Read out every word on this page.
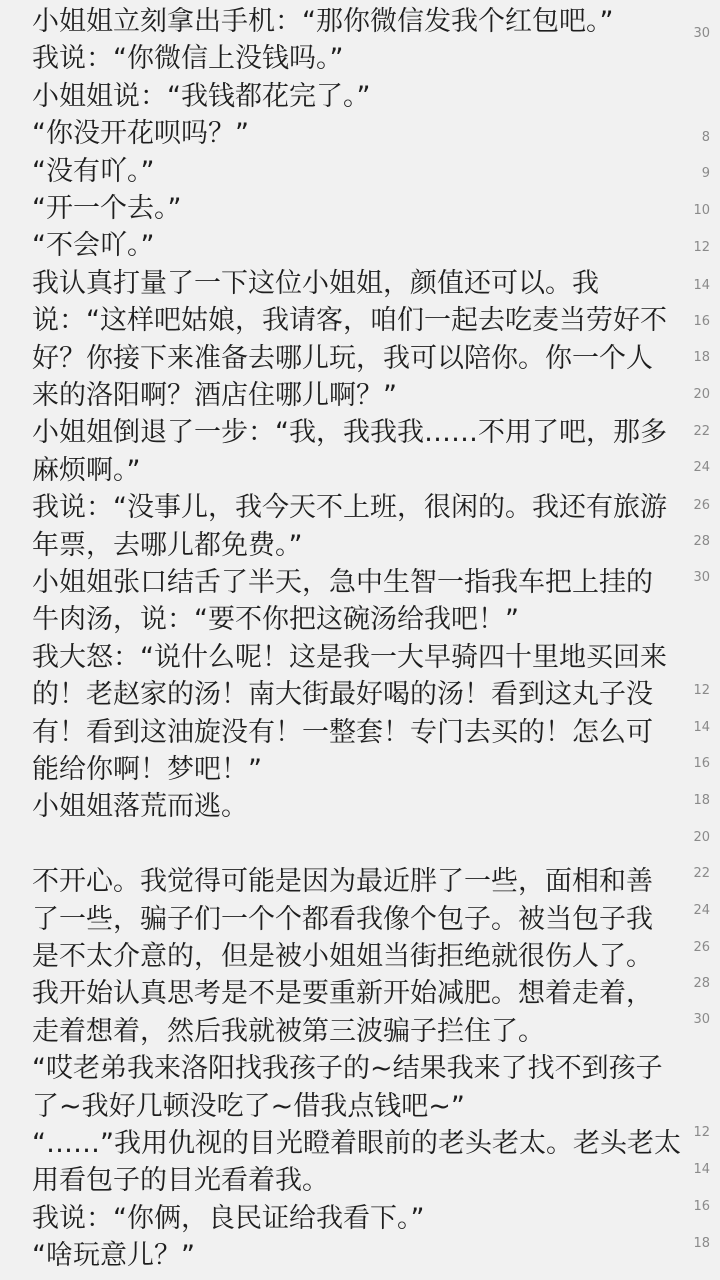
小姐姐立刻拿出手机：“那你微信发我个红包吧。”
我说：“你微信上没钱吗。”
小姐姐说：“我钱都花完了。”
“你没开花呗吗？”
“没有吖。”
“开一个去。”
“不会吖。”
我认真打量了一下这位小姐姐，颜值还可以。我
说：“这样吧姑娘，我请客，咱们一起去吃麦当劳好不
好？你接下来准备去哪儿玩，我可以陪你。你一个人
来的洛阳啊？酒店住哪儿啊？”
小姐姐倒退了一步：“我，我我我……不用了吧，那多
麻烦啊。”
我说：“没事儿，我今天不上班，很闲的。我还有旅游
年票，去哪儿都免费。”
小姐姐张口结舌了半天，急中生智一指我车把上挂的
牛肉汤，说：“要不你把这碗汤给我吧！”
我大怒：“说什么呢！这是我一大早骑四十里地买回来
的！老赵家的汤！南大街最好喝的汤！看到这丸子没
有！看到这油旋没有！一整套！专门去买的！怎么可
能给你啊！梦吧！”
小姐姐落荒而逃。
不开心。我觉得可能是因为最近胖了一些，面相和善
了一些，骗子们一个个都看我像个包子。被当包子我
是不太介意的，但是被小姐姐当街拒绝就很伤人了。
我开始认真思考是不是要重新开始减肥。想着走着，
走着想着，然后我就被第三波骗子拦住了。
“哎老弟我来洛阳找我孩子的~结果我来了找不到孩子
了~我好几顿没吃了~借我点钱吧~”
“……”我用仇视的目光瞪着眼前的老头老太。老头老太
用看包子的目光看着我。
我说：“你俩，良民证给我看下。”
“啥玩意儿？”
30
8
9
10
12
14
16
18
20
22
24
26
28
30
12
14
16
18
20
22
24
26
28
30
12
14
16
18
